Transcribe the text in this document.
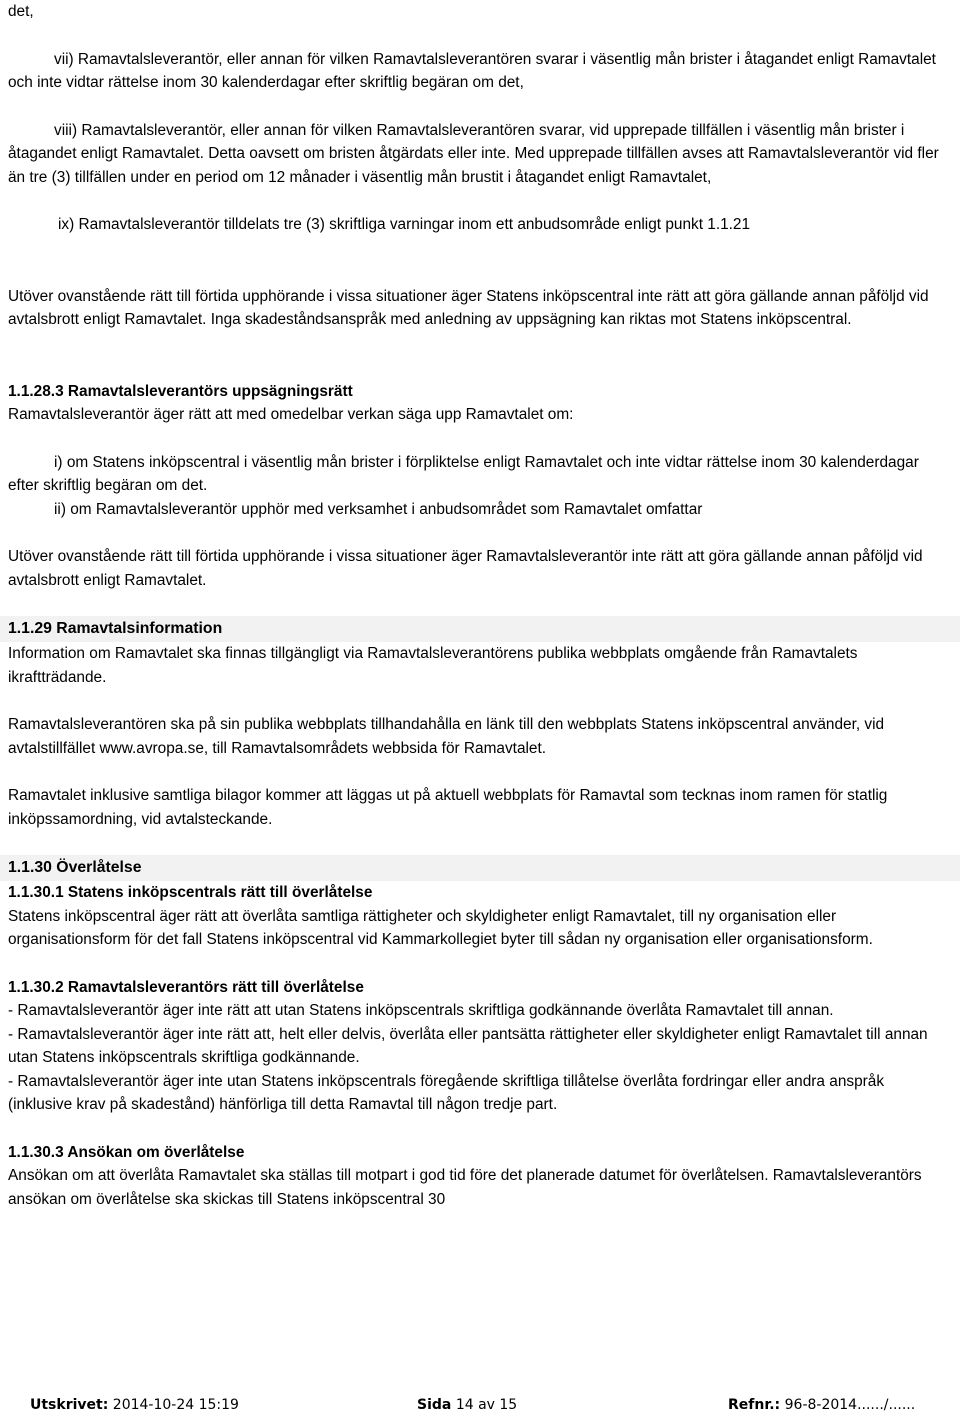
det,

vii) Ramavtalsleverantör, eller annan för vilken Ramavtalsleverantören svarar i väsentlig mån brister i åtagandet enligt Ramavtalet och inte vidtar rättelse inom 30 kalenderdagar efter skriftlig begäran om det,

viii) Ramavtalsleverantör, eller annan för vilken Ramavtalsleverantören svarar, vid upprepade tillfällen i väsentlig mån brister i åtagandet enligt Ramavtalet. Detta oavsett om bristen åtgärdats eller inte. Med upprepade tillfällen avses att Ramavtalsleverantör vid fler än tre (3) tillfällen under en period om 12 månader i väsentlig mån brustit i åtagandet enligt Ramavtalet,

ix) Ramavtalsleverantör tilldelats tre (3) skriftliga varningar inom ett anbudsområde enligt punkt 1.1.21

Utöver ovanstående rätt till förtida upphörande i vissa situationer äger Statens inköpscentral inte rätt att göra gällande annan påföljd vid avtalsbrott enligt Ramavtalet. Inga skadeståndsanspråk med anledning av uppsägning kan riktas mot Statens inköpscentral.

1.1.28.3 Ramavtalsleverantörs uppsägningsrätt

Ramavtalsleverantör äger rätt att med omedelbar verkan säga upp Ramavtalet om:

i) om Statens inköpscentral i väsentlig mån brister i förpliktelse enligt Ramavtalet och inte vidtar rättelse inom 30 kalenderdagar efter skriftlig begäran om det.

ii) om Ramavtalsleverantör upphör med verksamhet i anbudsområdet som Ramavtalet omfattar

Utöver ovanstående rätt till förtida upphörande i vissa situationer äger Ramavtalsleverantör inte rätt att göra gällande annan påföljd vid avtalsbrott enligt Ramavtalet.

1.1.29 Ramavtalsinformation

Information om Ramavtalet ska finnas tillgängligt via Ramavtalsleverantörens publika webbplats omgående från Ramavtalets ikraftträdande.

Ramavtalsleverantören ska på sin publika webbplats tillhandahålla en länk till den webbplats Statens inköpscentral använder, vid avtalstillfället www.avropa.se, till Ramavtalsområdets webbsida för Ramavtalet.

Ramavtalet inklusive samtliga bilagor kommer att läggas ut på aktuell webbplats för Ramavtal som tecknas inom ramen för statlig inköpssamordning, vid avtalsteckande.

1.1.30 Överlåtelse

1.1.30.1 Statens inköpscentrals rätt till överlåtelse

Statens inköpscentral äger rätt att överlåta samtliga rättigheter och skyldigheter enligt Ramavtalet, till ny organisation eller organisationsform för det fall Statens inköpscentral vid Kammarkollegiet byter till sådan ny organisation eller organisationsform.

1.1.30.2 Ramavtalsleverantörs rätt till överlåtelse

- Ramavtalsleverantör äger inte rätt att utan Statens inköpscentrals skriftliga godkännande överlåta Ramavtalet till annan.

- Ramavtalsleverantör äger inte rätt att, helt eller delvis, överlåta eller pantsätta rättigheter eller skyldigheter enligt Ramavtalet till annan utan Statens inköpscentrals skriftliga godkännande.

- Ramavtalsleverantör äger inte utan Statens inköpscentrals föregående skriftliga tillåtelse överlåta fordringar eller andra anspråk (inklusive krav på skadestånd) hänförliga till detta Ramavtal till någon tredje part.

1.1.30.3 Ansökan om överlåtelse

Ansökan om att överlåta Ramavtalet ska ställas till motpart i god tid före det planerade datumet för överlåtelsen. Ramavtalsleverantörs ansökan om överlåtelse ska skickas till Statens inköpscentral 30

Utskrivet: 2014-10-24 15:19	Sida 14 av 15	Refnr.: 96-8-2014....../......
